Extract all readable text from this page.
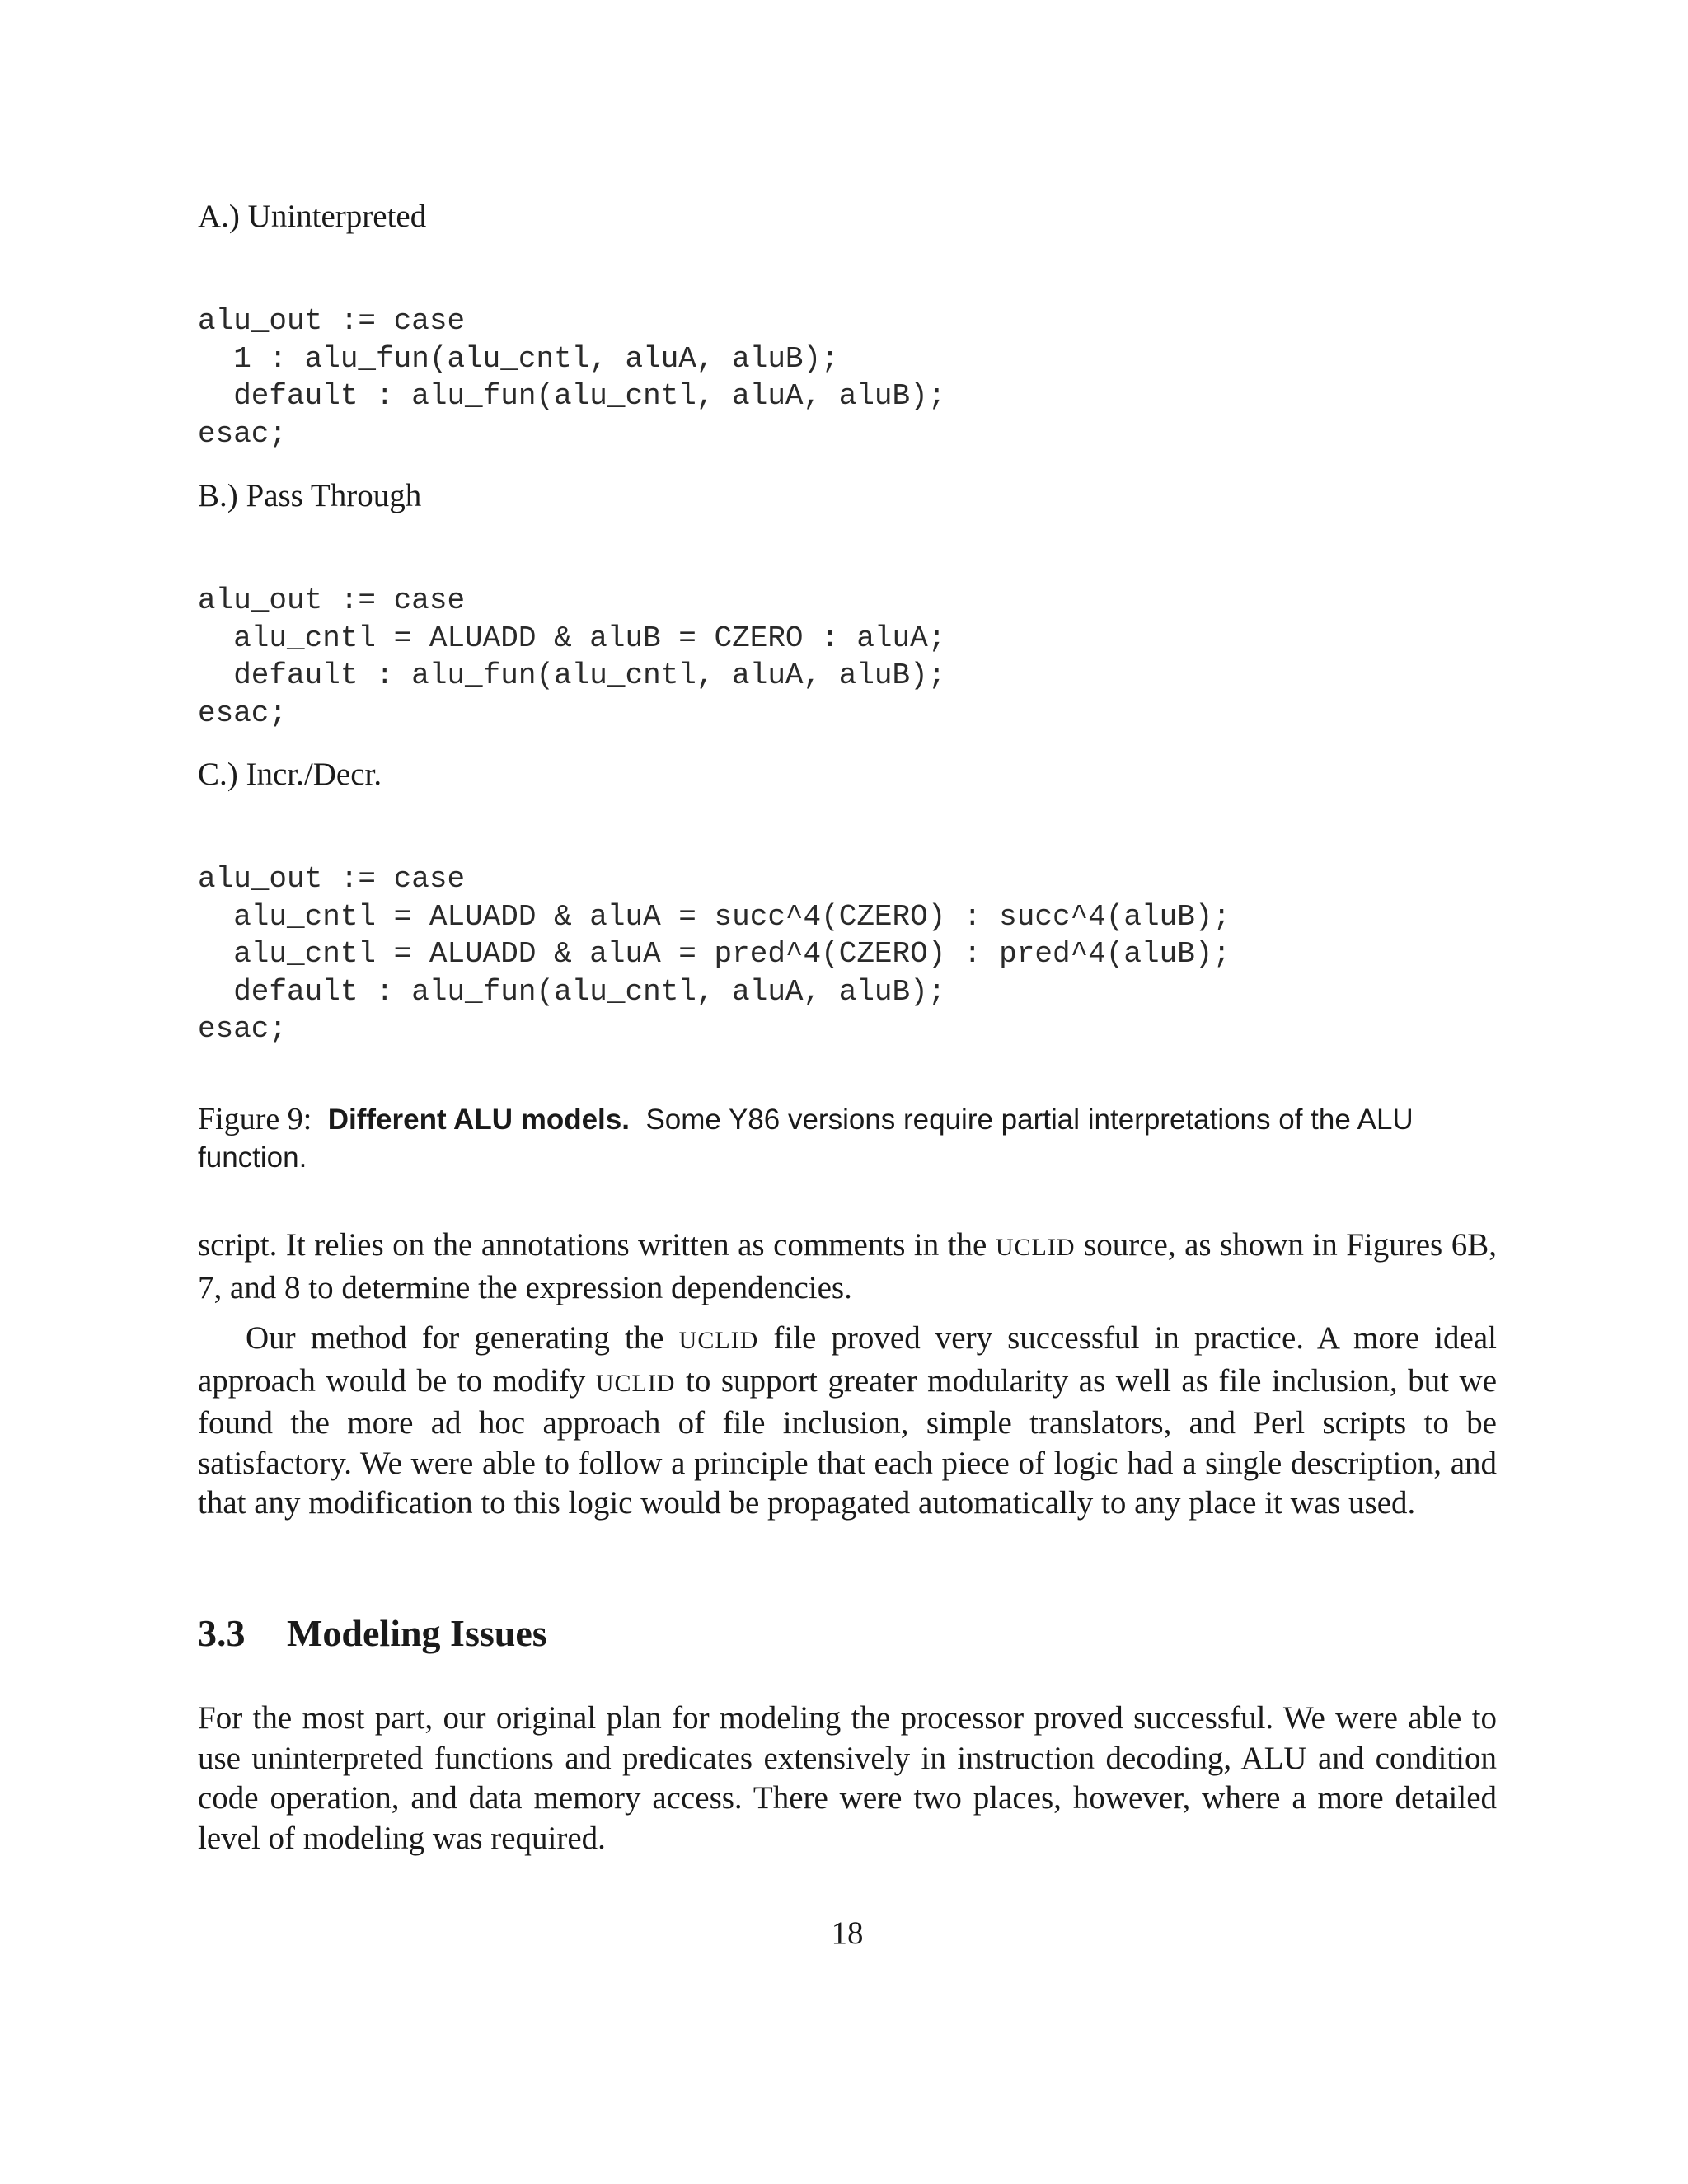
A.) Uninterpreted
alu_out := case
1 : alu_fun(alu_cntl, aluA, aluB);
default : alu_fun(alu_cntl, aluA, aluB);
esac;
B.) Pass Through
alu_out := case
alu_cntl = ALUADD & aluB = CZERO : aluA;
default : alu_fun(alu_cntl, aluA, aluB);
esac;
C.) Incr./Decr.
alu_out := case
alu_cntl = ALUADD & aluA = succ^4(CZERO) : succ^4(aluB);
alu_cntl = ALUADD & aluA = pred^4(CZERO) : pred^4(aluB);
default : alu_fun(alu_cntl, aluA, aluB);
esac;
Figure 9: Different ALU models. Some Y86 versions require partial interpretations of the ALU function.

script. It relies on the annotations written as comments in the UCLID source, as shown in Figures 6B, 7, and 8 to determine the expression dependencies.

Our method for generating the UCLID file proved very successful in practice. A more ideal approach would be to modify UCLID to support greater modularity as well as file inclusion, but we found the more ad hoc approach of file inclusion, simple translators, and Perl scripts to be satisfactory. We were able to follow a principle that each piece of logic had a single description, and that any modification to this logic would be propagated automatically to any place it was used.

3.3 Modeling Issues

For the most part, our original plan for modeling the processor proved successful. We were able to use uninterpreted functions and predicates extensively in instruction decoding, ALU and condition code operation, and data memory access. There were two places, however, where a more detailed level of modeling was required.

18
